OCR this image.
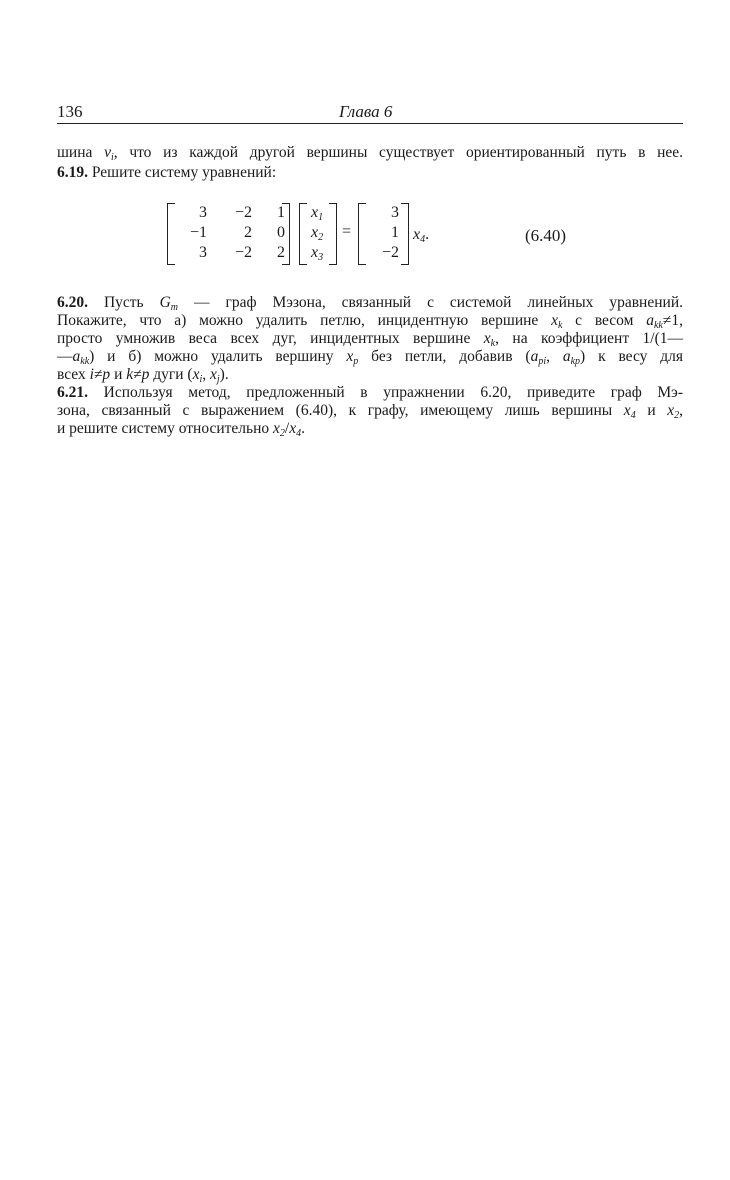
136	Глава 6
шина $v_i$, что из каждой другой вершины существует ориентированный путь в нее.
6.19. Решите систему уравнений:
3	−2	1
−1	2	0
3	−2	2
$x_1$
$x_2$
$x_3$
=
3
1
−2
$x_4$.	(6.40)
6.20. Пусть $G_m$ — граф Мэзона, связанный с системой линейных уравнений.
Покажите, что а) можно удалить петлю, инцидентную вершине $x_k$ с весом $a_{kk}\ne 1$,
просто умножив веса всех дуг, инцидентных вершине $x_k$, на коэффициент 1/(1—
$—a_{kk}$) и б) можно удалить вершину $x_p$ без петли, добавив ($a_{pi}$, $a_{kp}$) к весу для
всех i≠p и k≠p дуги ($x_i$, $x_j$).
6.21. Используя метод, предложенный в упражнении 6.20, приведите граф Мэ-
зона, связанный с выражением (6.40), к графу, имеющему лишь вершины $x_4$ и $x_2$,
и решите систему относительно $x_2/x_4$.
